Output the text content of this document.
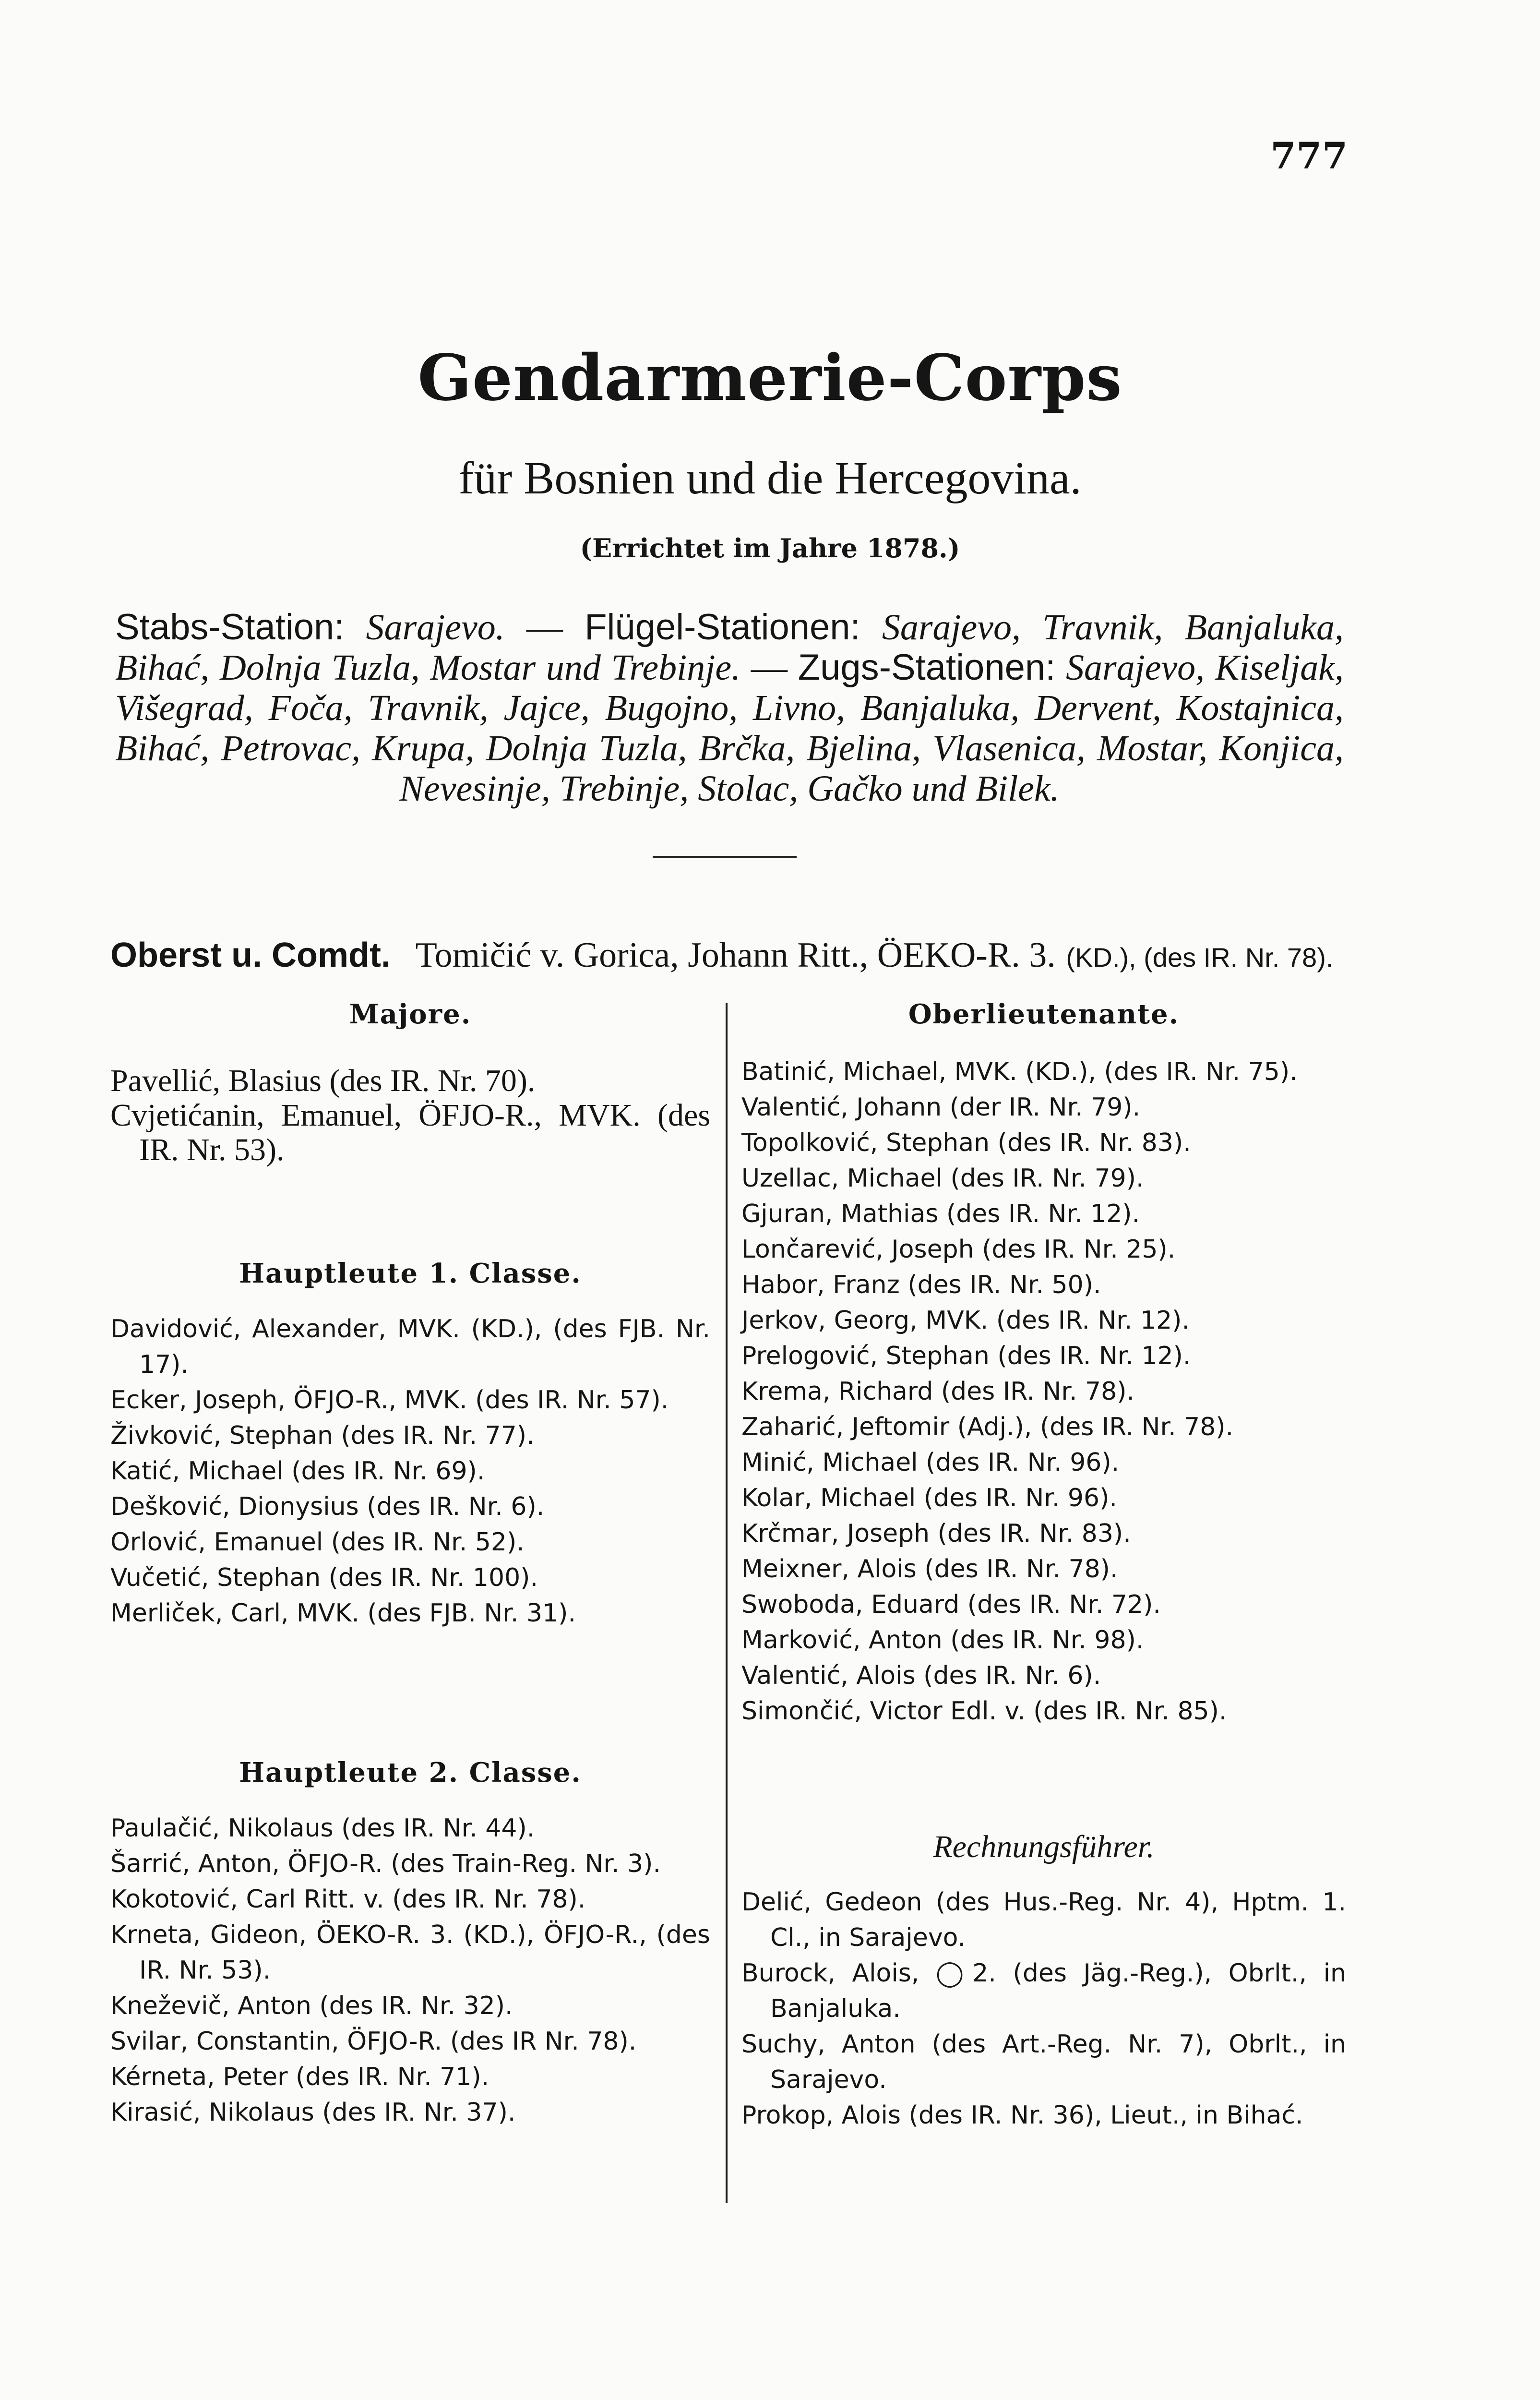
777
Gendarmerie-Corps
für Bosnien und die Hercegovina.
(Errichtet im Jahre 1878.)
Stabs-Station: Sarajevo. — Flügel-Stationen: Sarajevo, Travnik, Banjaluka, Bihać, Dolnja Tuzla, Mostar und Trebinje. — Zugs-Stationen: Sarajevo, Kiseljak, Višegrad, Foča, Travnik, Jajce, Bugojno, Livno, Banjaluka, Dervent, Kostajnica, Bihać, Petrovac, Krupa, Dolnja Tuzla, Brčka, Bjelina, Vlasenica, Mostar, Konjica, Nevesinje, Trebinje, Stolac, Gačko und Bilek.
Oberst u. Comdt. Tomičić v. Gorica, Johann Ritt., ÖEKO-R. 3. (KD.), (des IR. Nr. 78).

Majore.

Pavellić, Blasius (des IR. Nr. 70).

Cvjetićanin, Emanuel, ÖFJO-R., MVK. (des IR. Nr. 53).

Hauptleute 1. Classe.

Davidović, Alexander, MVK. (KD.), (des FJB. Nr. 17).

Ecker, Joseph, ÖFJO-R., MVK. (des IR. Nr. 57).

Živković, Stephan (des IR. Nr. 77).

Katić, Michael (des IR. Nr. 69).

Dešković, Dionysius (des IR. Nr. 6).

Orlović, Emanuel (des IR. Nr. 52).

Vučetić, Stephan (des IR. Nr. 100).

Merliček, Carl, MVK. (des FJB. Nr. 31).

Hauptleute 2. Classe.

Paulačić, Nikolaus (des IR. Nr. 44).

Šarrić, Anton, ÖFJO-R. (des Train-Reg. Nr. 3).

Kokotović, Carl Ritt. v. (des IR. Nr. 78).

Krneta, Gideon, ÖEKO-R. 3. (KD.), ÖFJO-R., (des IR. Nr. 53).

Kneževič, Anton (des IR. Nr. 32).

Svilar, Constantin, ÖFJO-R. (des IR Nr. 78).

Kérneta, Peter (des IR. Nr. 71).

Kirasić, Nikolaus (des IR. Nr. 37).

Oberlieutenante.

Batinić, Michael, MVK. (KD.), (des IR. Nr. 75).

Valentić, Johann (der IR. Nr. 79).

Topolković, Stephan (des IR. Nr. 83).

Uzellac, Michael (des IR. Nr. 79).

Gjuran, Mathias (des IR. Nr. 12).

Lončarević, Joseph (des IR. Nr. 25).

Habor, Franz (des IR. Nr. 50).

Jerkov, Georg, MVK. (des IR. Nr. 12).

Prelogović, Stephan (des IR. Nr. 12).

Krema, Richard (des IR. Nr. 78).

Zaharić, Jeftomir (Adj.), (des IR. Nr. 78).

Minić, Michael (des IR. Nr. 96).

Kolar, Michael (des IR. Nr. 96).

Krčmar, Joseph (des IR. Nr. 83).

Meixner, Alois (des IR. Nr. 78).

Swoboda, Eduard (des IR. Nr. 72).

Marković, Anton (des IR. Nr. 98).

Valentić, Alois (des IR. Nr. 6).

Simončić, Victor Edl. v. (des IR. Nr. 85).

Rechnungsführer.

Delić, Gedeon (des Hus.-Reg. Nr. 4), Hptm. 1. Cl., in Sarajevo.

Burock, Alois, ◯2. (des Jäg.-Reg.), Obrlt., in Banjaluka.

Suchy, Anton (des Art.-Reg. Nr. 7), Obrlt., in Sarajevo.

Prokop, Alois (des IR. Nr. 36), Lieut., in Bihać.
